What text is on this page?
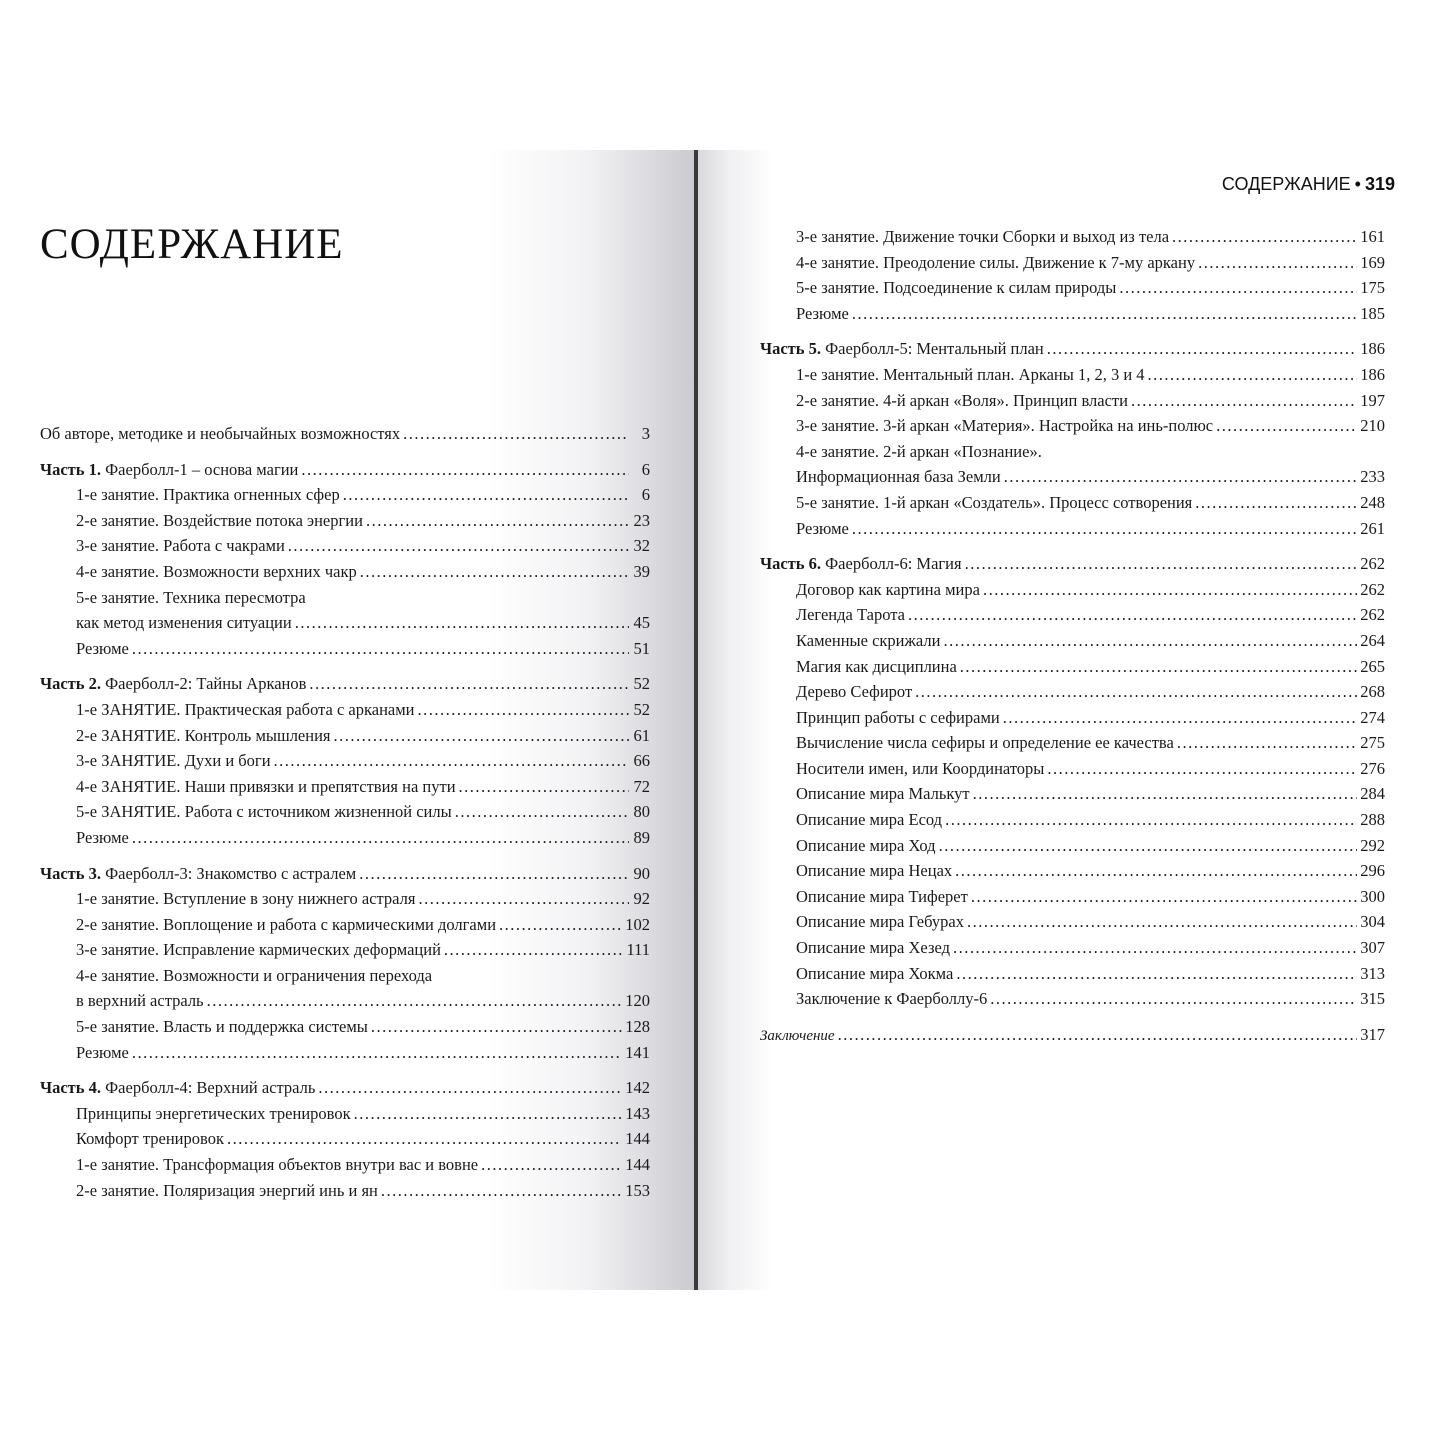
СОДЕРЖАНИЕ
СОДЕРЖАНИЕ • 319
Об авторе, методике и необычайных возможностях .....	3
Часть 1. Фаерболл-1 – основа магии .....	6
1-е занятие. Практика огненных сфер .....	6
2-е занятие. Воздействие потока энергии .....	23
3-е занятие. Работа с чакрами .....	32
4-е занятие. Возможности верхних чакр .....	39
5-е занятие. Техника пересмотра
как метод изменения ситуации .....	45
Резюме .....	51
Часть 2. Фаерболл-2: Тайны Арканов .....	52
1-е ЗАНЯТИЕ. Практическая работа с арканами .....	52
2-е ЗАНЯТИЕ. Контроль мышления .....	61
3-е ЗАНЯТИЕ. Духи и боги .....	66
4-е ЗАНЯТИЕ. Наши привязки и препятствия на пути .....	72
5-е ЗАНЯТИЕ. Работа с источником жизненной силы .....	80
Резюме .....	89
Часть 3. Фаерболл-3: Знакомство с астралем .....	90
1-е занятие. Вступление в зону нижнего астраля .....	92
2-е занятие. Воплощение и работа с кармическими долгами .....	102
3-е занятие. Исправление кармических деформаций .....	111
4-е занятие. Возможности и ограничения перехода
в верхний астраль .....	120
5-е занятие. Власть и поддержка системы .....	128
Резюме .....	141
Часть 4. Фаерболл-4: Верхний астраль .....	142
Принципы энергетических тренировок .....	143
Комфорт тренировок .....	144
1-е занятие. Трансформация объектов внутри вас и вовне .....	144
2-е занятие. Поляризация энергий инь и ян .....	153
3-е занятие. Движение точки Сборки и выход из тела .....	161
4-е занятие. Преодоление силы. Движение к 7-му аркану .....	169
5-е занятие. Подсоединение к силам природы .....	175
Резюме .....	185
Часть 5. Фаерболл-5: Ментальный план .....	186
1-е занятие. Ментальный план. Арканы 1, 2, 3 и 4 .....	186
2-е занятие. 4-й аркан «Воля». Принцип власти .....	197
3-е занятие. 3-й аркан «Материя». Настройка на инь-полюс .....	210
4-е занятие. 2-й аркан «Познание».
Информационная база Земли .....	233
5-е занятие. 1-й аркан «Создатель». Процесс сотворения .....	248
Резюме .....	261
Часть 6. Фаерболл-6: Магия .....	262
Договор как картина мира .....	262
Легенда Тарота .....	262
Каменные скрижали .....	264
Магия как дисциплина .....	265
Дерево Сефирот .....	268
Принцип работы с сефирами .....	274
Вычисление числа сефиры и определение ее качества .....	275
Носители имен, или Координаторы .....	276
Описание мира Малькут .....	284
Описание мира Есод .....	288
Описание мира Ход .....	292
Описание мира Нецах .....	296
Описание мира Тиферет .....	300
Описание мира Гебурах .....	304
Описание мира Хезед .....	307
Описание мира Хокма .....	313
Заключение к Фаерболлу-6 .....	315
Заключение .....	317
